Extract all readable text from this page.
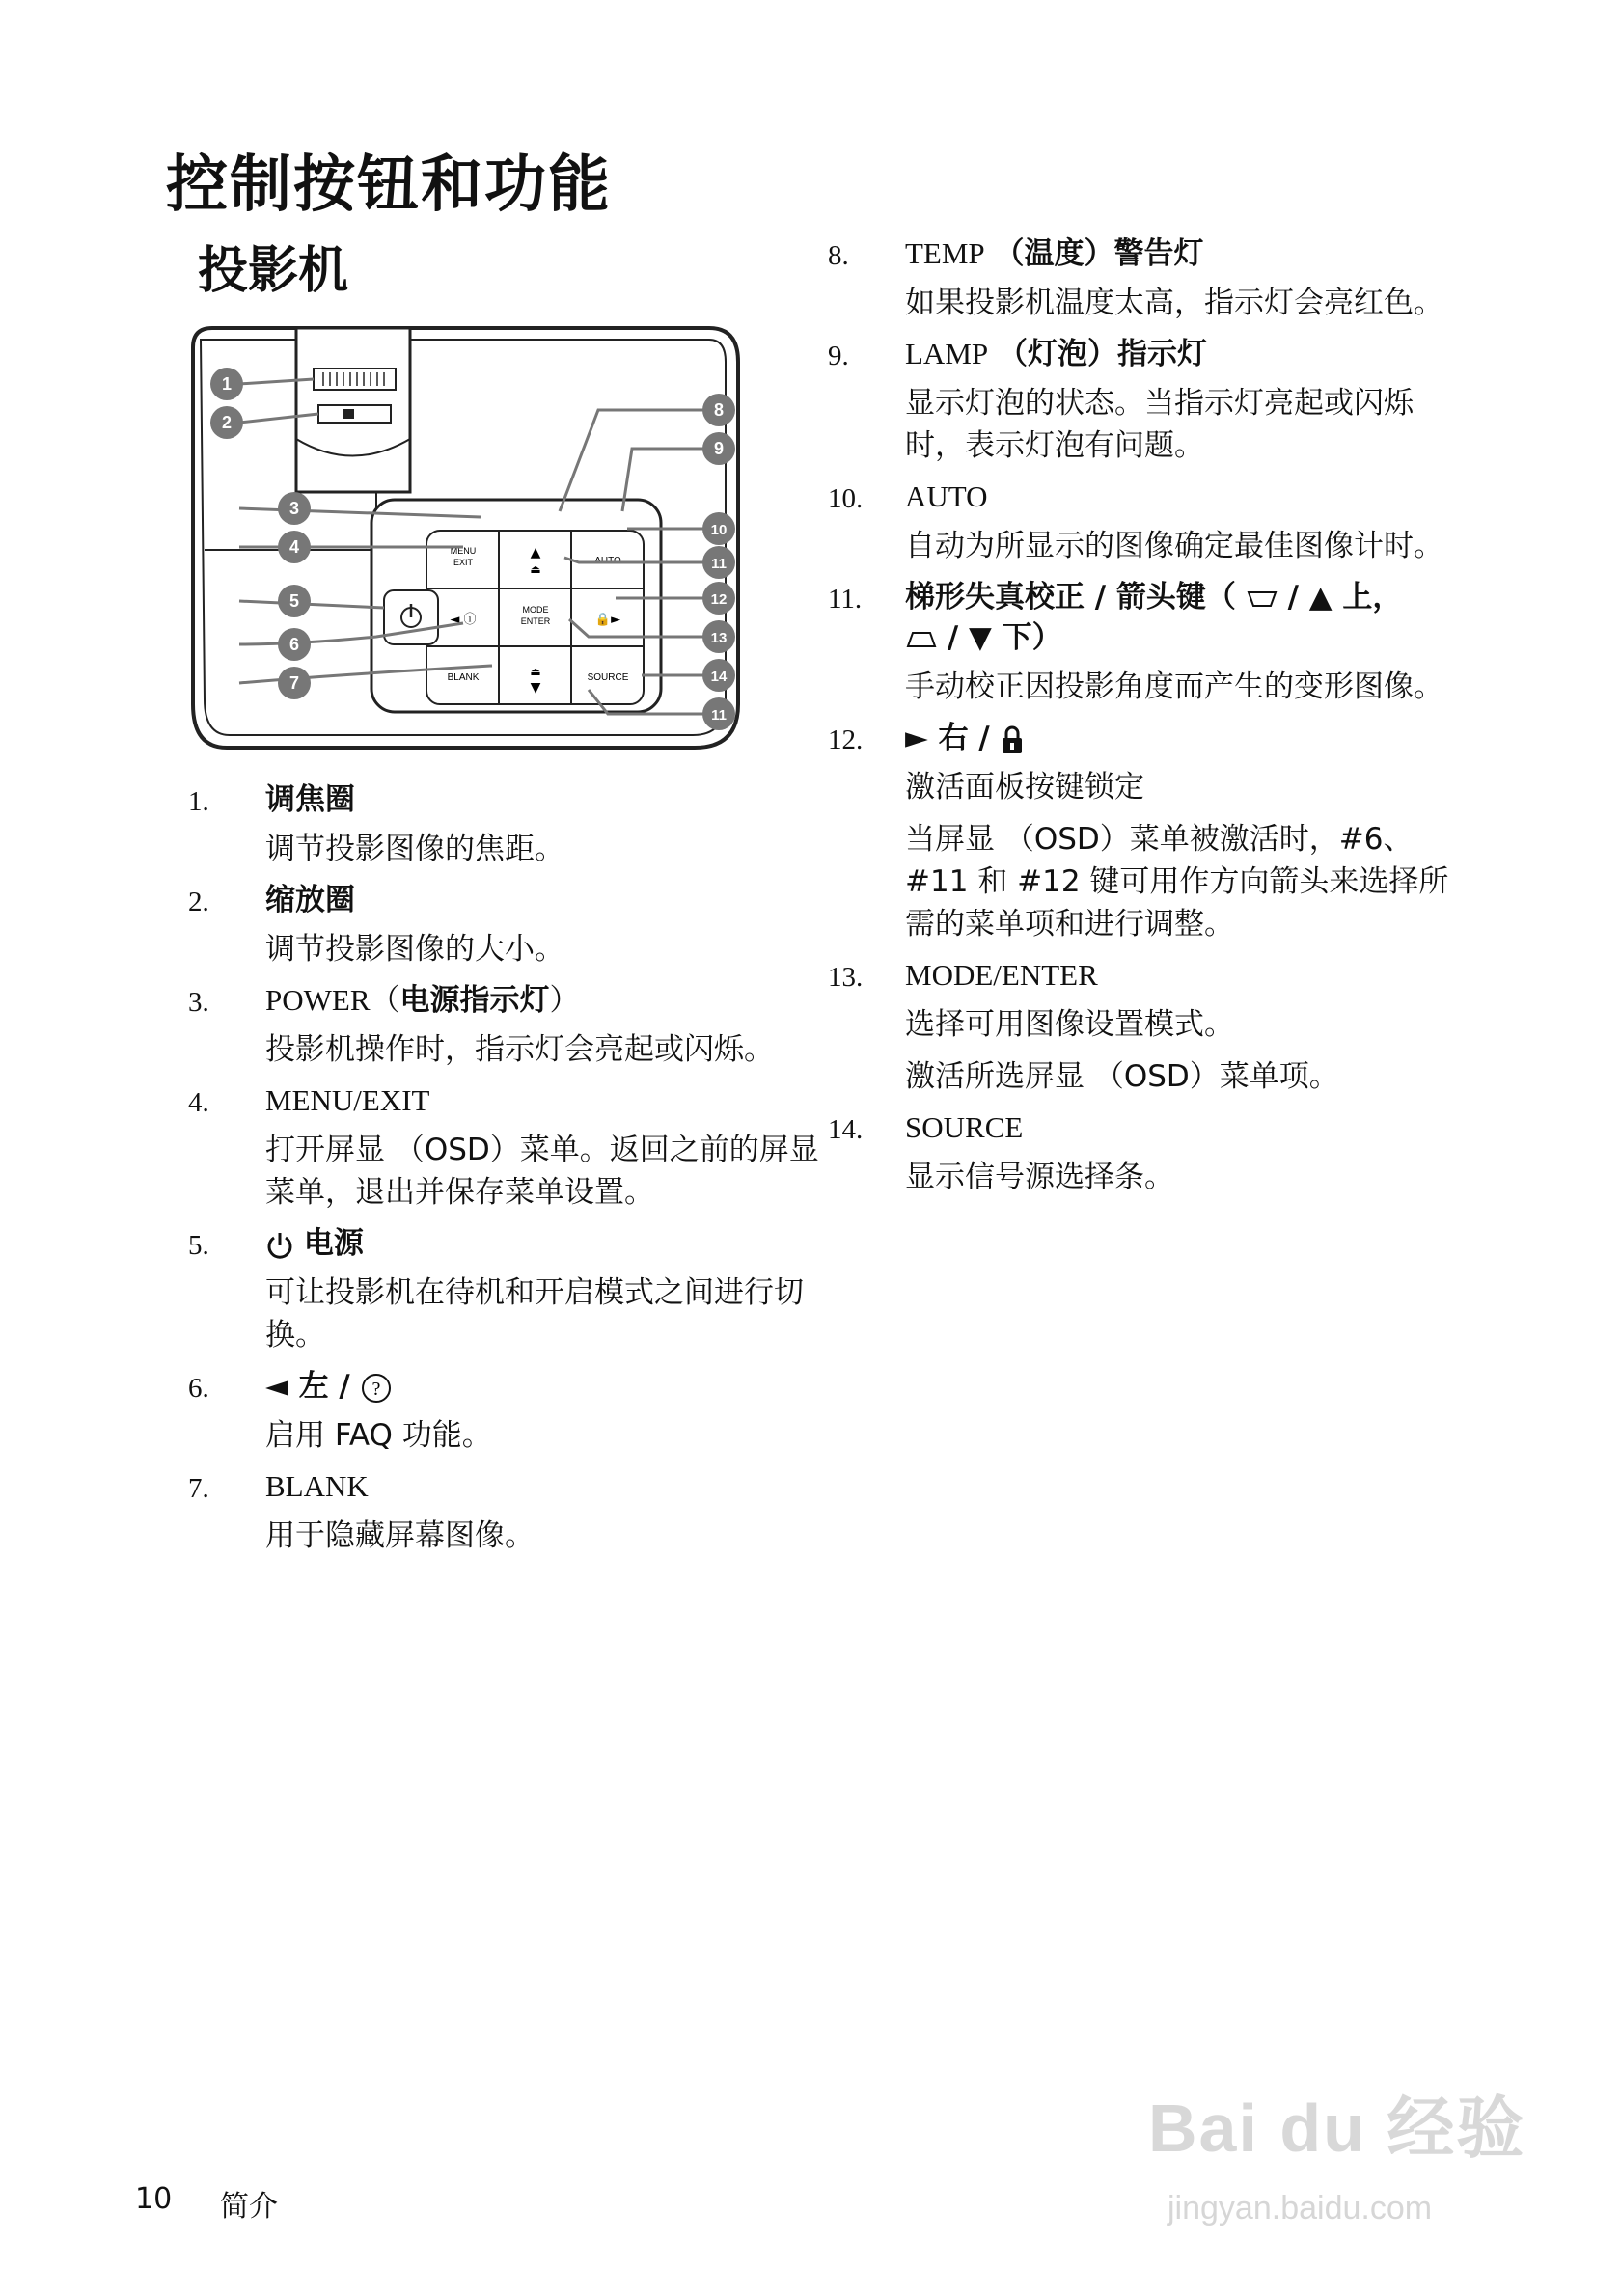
控制按钮和功能
投影机
MENU
EXIT
▲
⏏
AUTO
◄ ⓘ
MODE
ENTER	🔒►
BLANK	⏏
▼
SOURCE
1
2
3
4
5
6
7
8
9
10
11
12
13
14
11
1. 调焦圈

调节投影图像的焦距。

2. 缩放圈

调节投影图像的大小。

3. POWER（电源指示灯）

投影机操作时，指示灯会亮起或闪烁。

4. MENU/EXIT

打开屏显 （OSD）菜单。返回之前的屏显菜单，退出并保存菜单设置。

5.	电源

可让投影机在待机和开启模式之间进行切换。

6. ◄ 左 / ?

启用 FAQ 功能。

7. BLANK

用于隐藏屏幕图像。

8. TEMP （温度）警告灯

如果投影机温度太高，指示灯会亮红色。

9. LAMP （灯泡）指示灯

显示灯泡的状态。当指示灯亮起或闪烁时，表示灯泡有问题。

10. AUTO

自动为所显示的图像确定最佳图像计时。

11. 梯形失真校正 / 箭头键（ / ▲ 上，
/ ▼ 下）

手动校正因投影角度而产生的变形图像。

12. ► 右 /

激活面板按键锁定

当屏显 （OSD）菜单被激活时，#6、#11 和 #12 键可用作方向箭头来选择所需的菜单项和进行调整。

13. MODE/ENTER

选择可用图像设置模式。

激活所选屏显 （OSD）菜单项。

14. SOURCE

显示信号源选择条。

10 简介
Bai du 经验
jingyan.baidu.com
